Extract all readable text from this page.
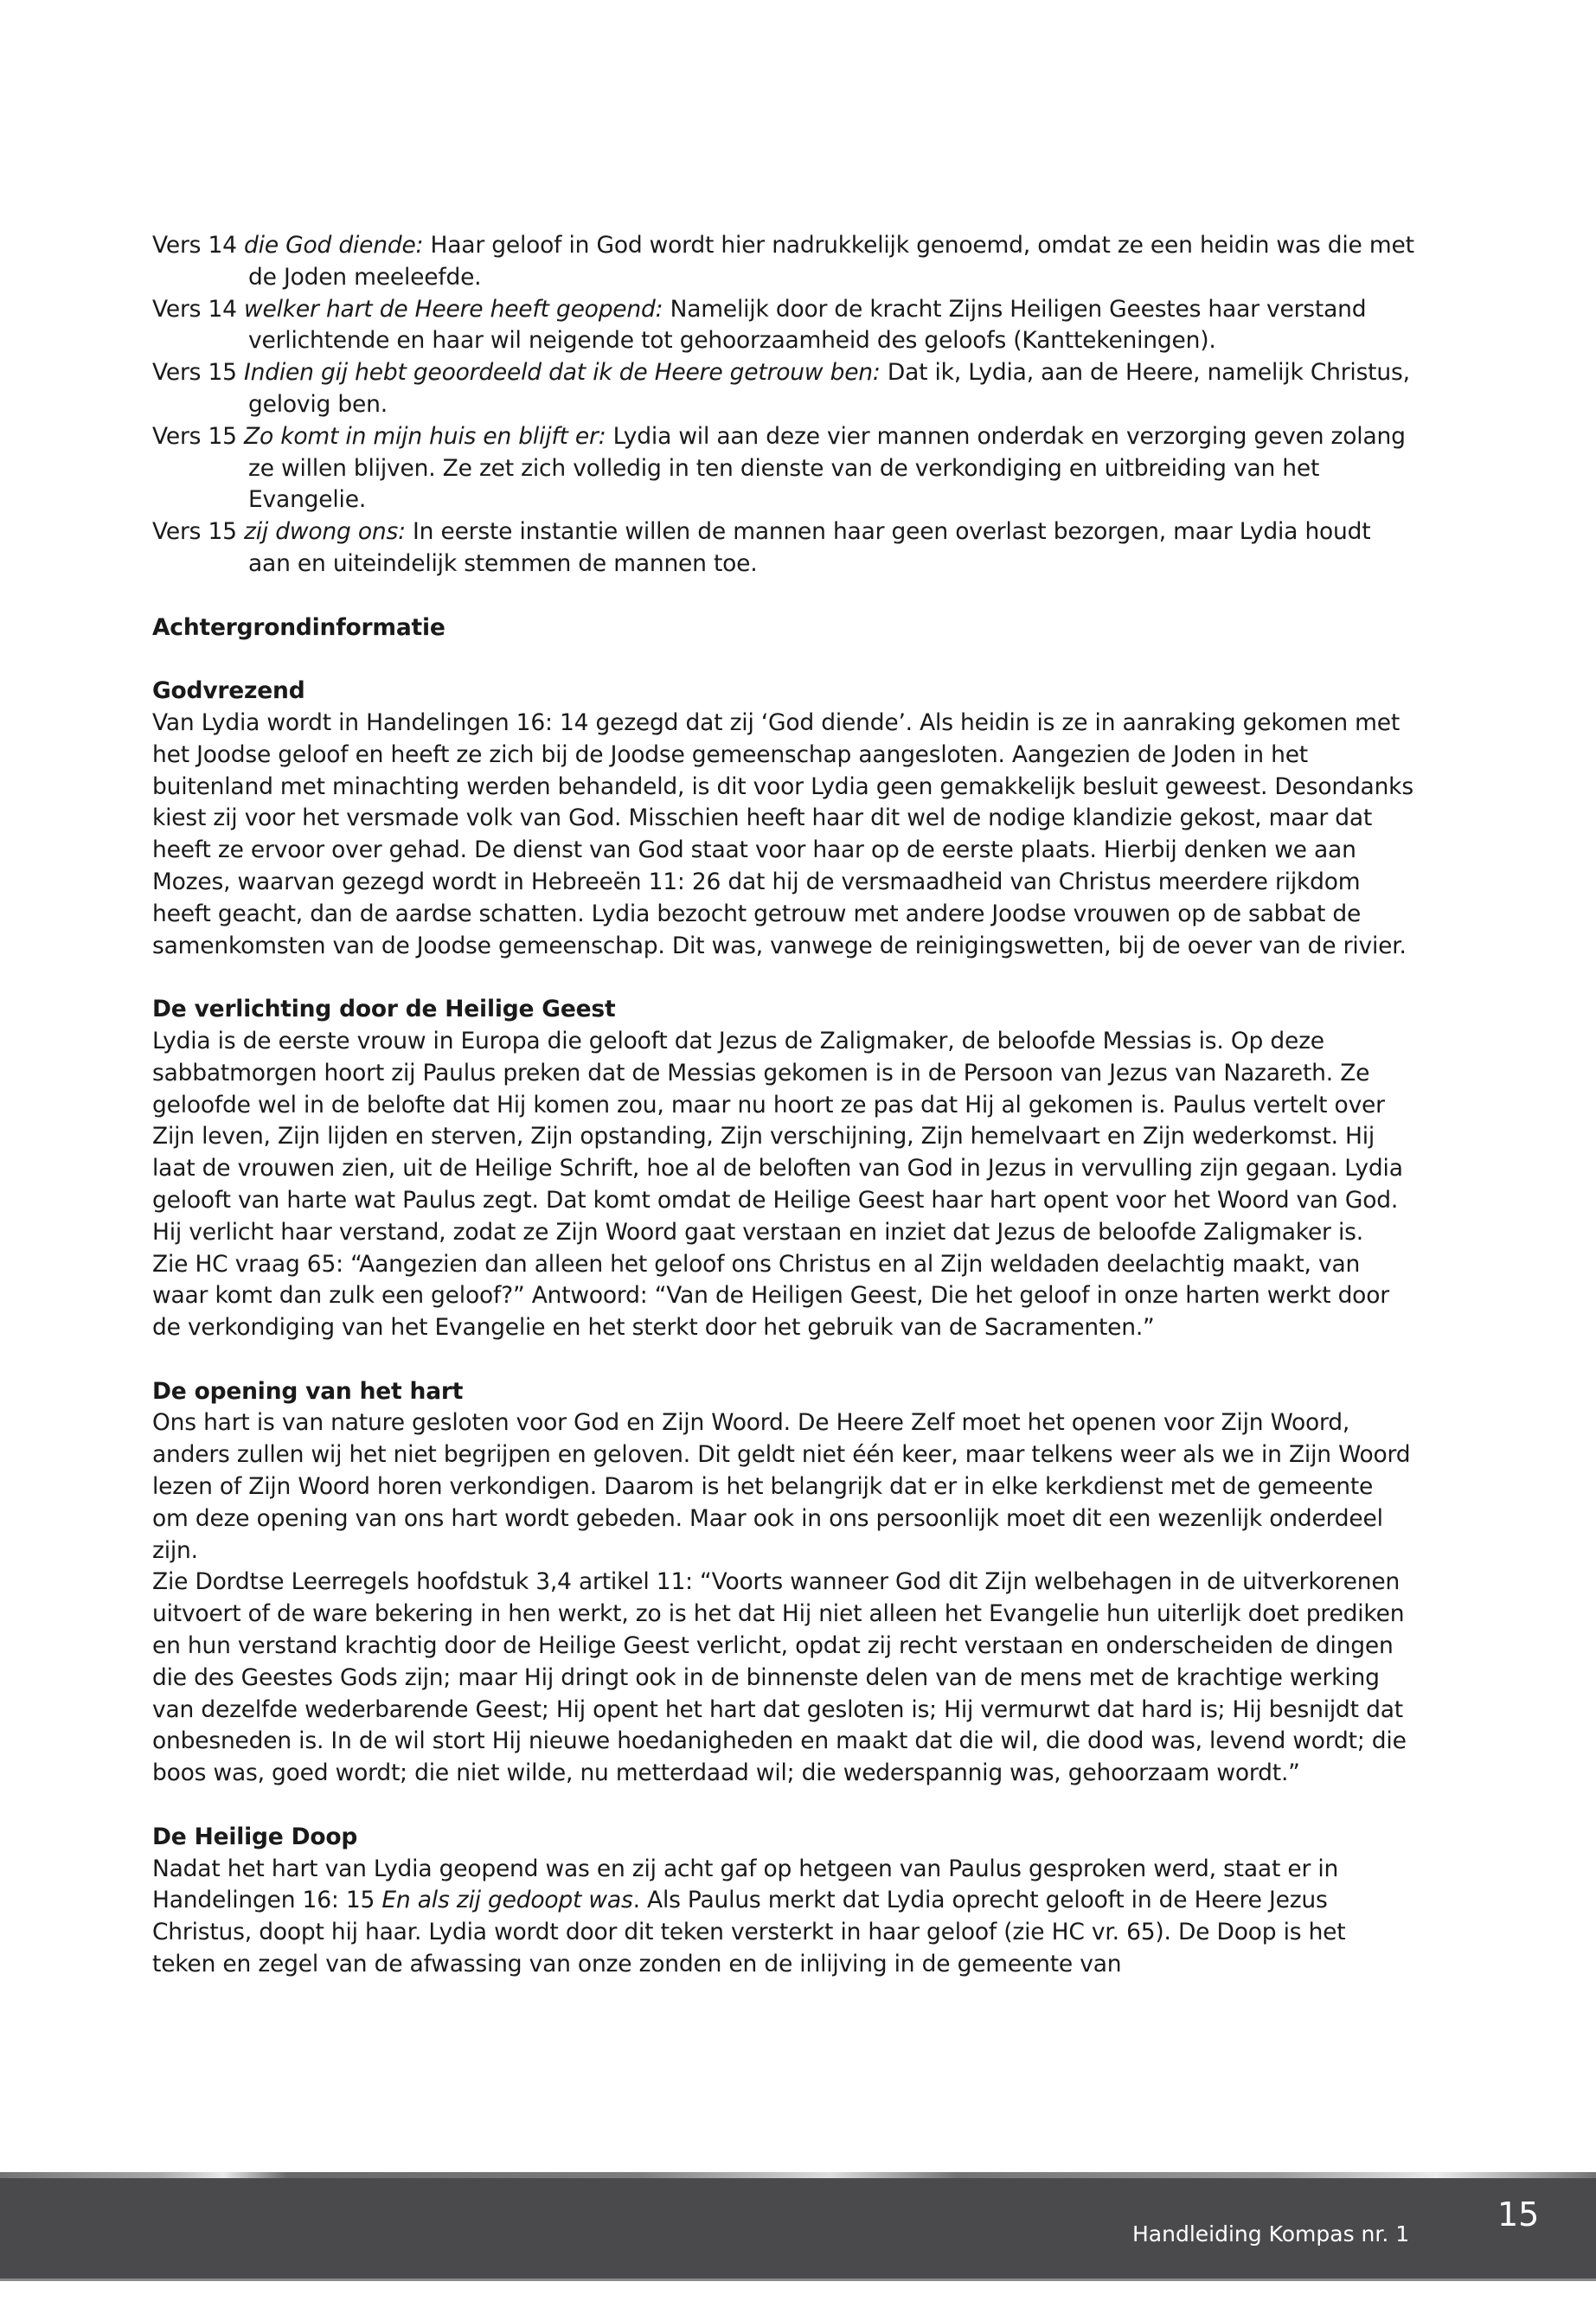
Vers 14 die God diende: Haar geloof in God wordt hier nadrukkelijk genoemd, omdat ze een heidin was die met de Joden meeleefde.

Vers 14 welker hart de Heere heeft geopend: Namelijk door de kracht Zijns Heiligen Geestes haar verstand verlichtende en haar wil neigende tot gehoorzaamheid des geloofs (Kanttekeningen).

Vers 15 Indien gij hebt geoordeeld dat ik de Heere getrouw ben: Dat ik, Lydia, aan de Heere, namelijk Christus, gelovig ben.

Vers 15 Zo komt in mijn huis en blijft er: Lydia wil aan deze vier mannen onderdak en verzorging geven zolang ze willen blijven. Ze zet zich volledig in ten dienste van de verkondiging en uitbreiding van het Evangelie.

Vers 15 zij dwong ons: In eerste instantie willen de mannen haar geen overlast bezorgen, maar Lydia houdt aan en uiteindelijk stemmen de mannen toe.

Achtergrondinformatie

Godvrezend

Van Lydia wordt in Handelingen 16: 14 gezegd dat zij ‘God diende’. Als heidin is ze in aanraking gekomen met het Joodse geloof en heeft ze zich bij de Joodse gemeenschap aangesloten. Aangezien de Joden in het buitenland met minachting werden behandeld, is dit voor Lydia geen gemakkelijk besluit geweest. Desondanks kiest zij voor het versmade volk van God. Misschien heeft haar dit wel de nodige klandizie gekost, maar dat heeft ze ervoor over gehad. De dienst van God staat voor haar op de eerste plaats. Hierbij denken we aan Mozes, waarvan gezegd wordt in Hebreeën 11: 26 dat hij de versmaadheid van Christus meerdere rijkdom heeft geacht, dan de aardse schatten. Lydia bezocht getrouw met andere Joodse vrouwen op de sabbat de samenkomsten van de Joodse gemeenschap. Dit was, vanwege de reinigingswetten, bij de oever van de rivier.

De verlichting door de Heilige Geest

Lydia is de eerste vrouw in Europa die gelooft dat Jezus de Zaligmaker, de beloofde Messias is. Op deze sabbatmorgen hoort zij Paulus preken dat de Messias gekomen is in de Persoon van Jezus van Nazareth. Ze geloofde wel in de belofte dat Hij komen zou, maar nu hoort ze pas dat Hij al gekomen is. Paulus vertelt over Zijn leven, Zijn lijden en sterven, Zijn opstanding, Zijn verschijning, Zijn hemelvaart en Zijn wederkomst. Hij laat de vrouwen zien, uit de Heilige Schrift, hoe al de beloften van God in Jezus in vervulling zijn gegaan. Lydia gelooft van harte wat Paulus zegt. Dat komt omdat de Heilige Geest haar hart opent voor het Woord van God. Hij verlicht haar verstand, zodat ze Zijn Woord gaat verstaan en inziet dat Jezus de beloofde Zaligmaker is.

Zie HC vraag 65: “Aangezien dan alleen het geloof ons Christus en al Zijn weldaden deelachtig maakt, van waar komt dan zulk een geloof?” Antwoord: “Van de Heiligen Geest, Die het geloof in onze harten werkt door de verkondiging van het Evangelie en het sterkt door het gebruik van de Sacramenten.”

De opening van het hart

Ons hart is van nature gesloten voor God en Zijn Woord. De Heere Zelf moet het openen voor Zijn Woord, anders zullen wij het niet begrijpen en geloven. Dit geldt niet één keer, maar telkens weer als we in Zijn Woord lezen of Zijn Woord horen verkondigen. Daarom is het belangrijk dat er in elke kerkdienst met de gemeente om deze opening van ons hart wordt gebeden. Maar ook in ons persoonlijk moet dit een wezenlijk onderdeel zijn.

Zie Dordtse Leerregels hoofdstuk 3,4 artikel 11: “Voorts wanneer God dit Zijn welbehagen in de uitverkorenen uitvoert of de ware bekering in hen werkt, zo is het dat Hij niet alleen het Evangelie hun uiterlijk doet prediken en hun verstand krachtig door de Heilige Geest verlicht, opdat zij recht verstaan en onderscheiden de dingen die des Geestes Gods zijn; maar Hij dringt ook in de binnenste delen van de mens met de krachtige werking van dezelfde wederbarende Geest; Hij opent het hart dat gesloten is; Hij vermurwt dat hard is; Hij besnijdt dat onbesneden is. In de wil stort Hij nieuwe hoedanigheden en maakt dat die wil, die dood was, levend wordt; die boos was, goed wordt; die niet wilde, nu metterdaad wil; die wederspannig was, gehoorzaam wordt.”

De Heilige Doop

Nadat het hart van Lydia geopend was en zij acht gaf op hetgeen van Paulus gesproken werd, staat er in Handelingen 16: 15 En als zij gedoopt was. Als Paulus merkt dat Lydia oprecht gelooft in de Heere Jezus Christus, doopt hij haar. Lydia wordt door dit teken versterkt in haar geloof (zie HC vr. 65). De Doop is het teken en zegel van de afwassing van onze zonden en de inlijving in de gemeente van

Handleiding Kompas nr. 1
15
